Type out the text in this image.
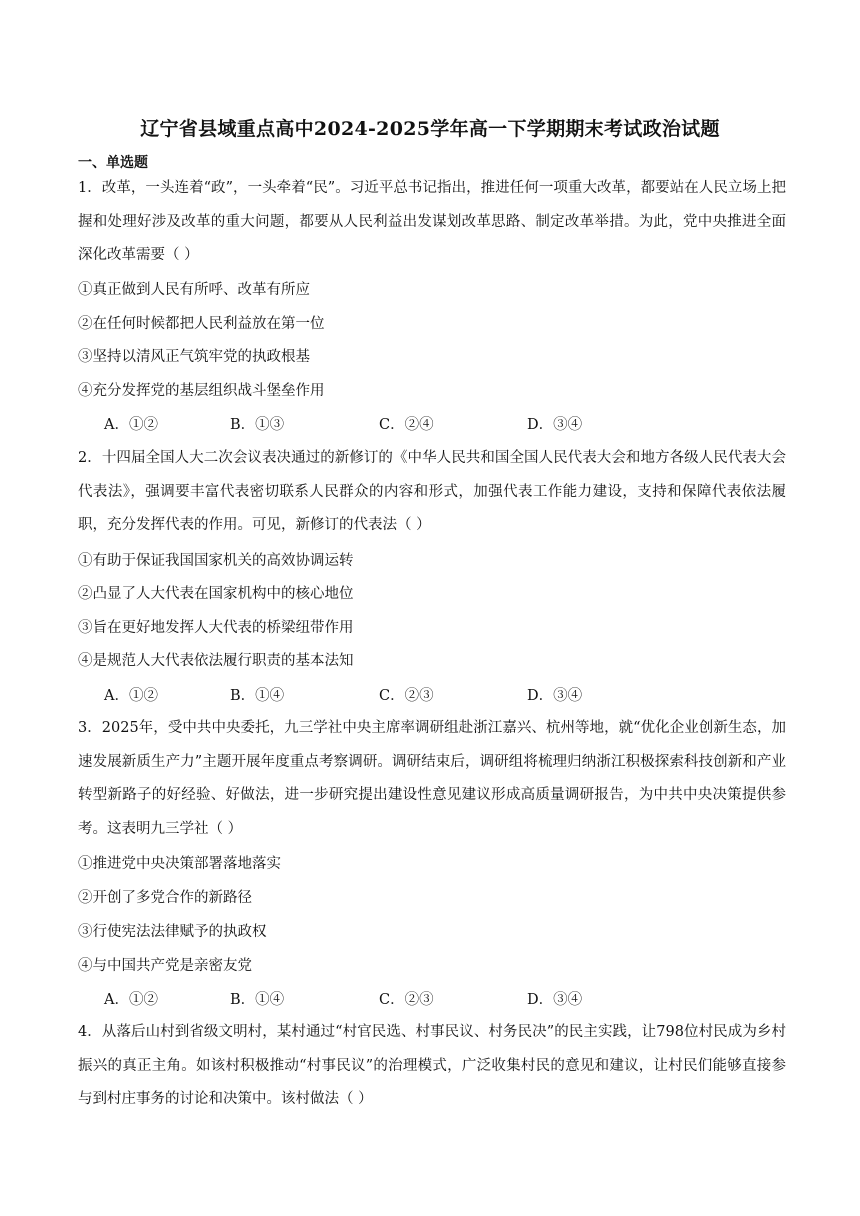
辽宁省县域重点高中2024-2025学年高一下学期期末考试政治试题
一、单选题
1．改革，一头连着“政”，一头牵着“民”。习近平总书记指出，推进任何一项重大改革，都要站在人民立场上把握和处理好涉及改革的重大问题，都要从人民利益出发谋划改革思路、制定改革举措。为此，党中央推进全面深化改革需要（ ）
①真正做到人民有所呼、改革有所应
②在任何时候都把人民利益放在第一位
③坚持以清风正气筑牢党的执政根基
④充分发挥党的基层组织战斗堡垒作用
A．①②	B．①③	C．②④	D．③④
2．十四届全国人大二次会议表决通过的新修订的《中华人民共和国全国人民代表大会和地方各级人民代表大会代表法》，强调要丰富代表密切联系人民群众的内容和形式，加强代表工作能力建设，支持和保障代表依法履职，充分发挥代表的作用。可见，新修订的代表法（ ）
①有助于保证我国国家机关的高效协调运转
②凸显了人大代表在国家机构中的核心地位
③旨在更好地发挥人大代表的桥梁纽带作用
④是规范人大代表依法履行职责的基本法知
A．①②	B．①④	C．②③	D．③④
3．2025年，受中共中央委托，九三学社中央主席率调研组赴浙江嘉兴、杭州等地，就“优化企业创新生态，加速发展新质生产力”主题开展年度重点考察调研。调研结束后，调研组将梳理归纳浙江积极探索科技创新和产业转型新路子的好经验、好做法，进一步研究提出建设性意见建议形成高质量调研报告，为中共中央决策提供参考。这表明九三学社（ ）
①推进党中央决策部署落地落实
②开创了多党合作的新路径
③行使宪法法律赋予的执政权
④与中国共产党是亲密友党
A．①②	B．①④	C．②③	D．③④
4．从落后山村到省级文明村，某村通过“村官民选、村事民议、村务民决”的民主实践，让798位村民成为乡村振兴的真正主角。如该村积极推动“村事民议”的治理模式，广泛收集村民的意见和建议，让村民们能够直接参与到村庄事务的讨论和决策中。该村做法（ ）
